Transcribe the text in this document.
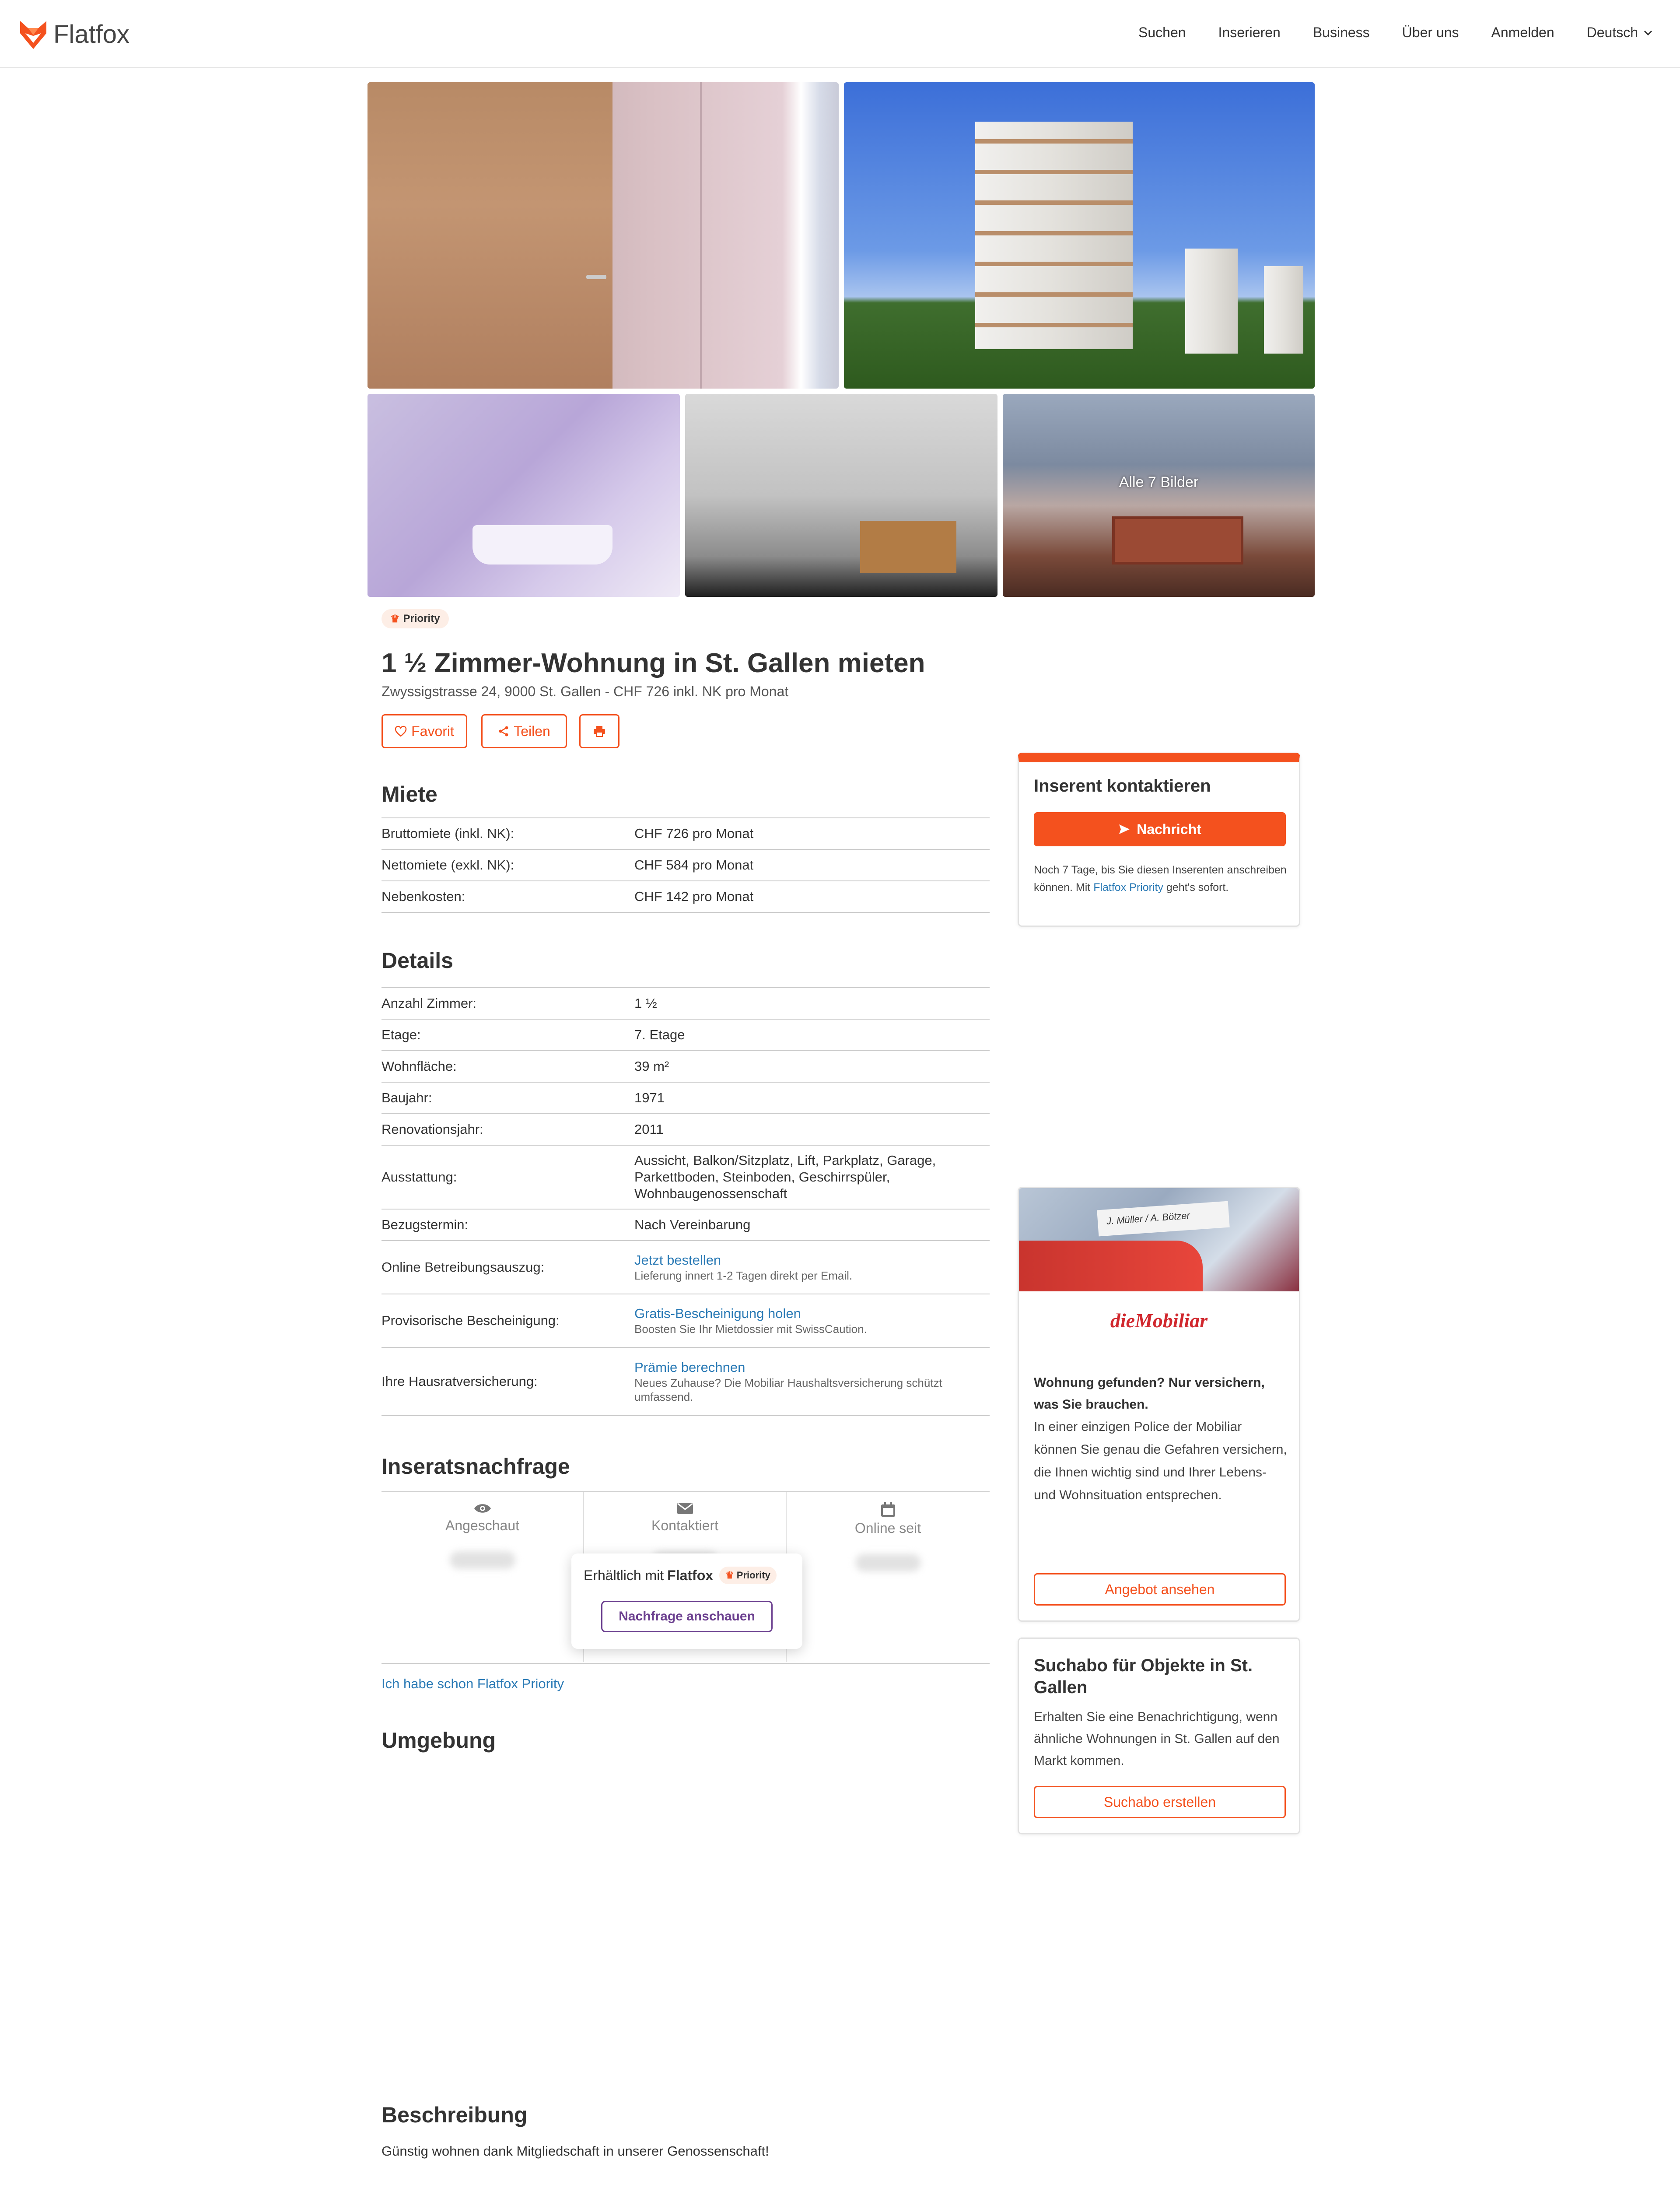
Flatfox	Suchen Inserieren Business Über uns Anmelden Deutsch
Alle 7 Bilder
♛ Priority
1 ½ Zimmer-Wohnung in St. Gallen mieten
Zwyssigstrasse 24, 9000 St. Gallen - CHF 726 inkl. NK pro Monat
Favorit	Teilen
Miete
Bruttomiete (inkl. NK):	CHF 726 pro Monat
Nettomiete (exkl. NK):	CHF 584 pro Monat
Nebenkosten:	CHF 142 pro Monat
Details
Anzahl Zimmer:	1 ½
Etage:	7. Etage
Wohnfläche:	39 m²
Baujahr:	1971
Renovationsjahr:	2011
Ausstattung:
Aussicht, Balkon/Sitzplatz, Lift, Parkplatz, Garage, Parkettboden, Steinboden, Geschirrspüler, Wohnbaugenossenschaft
Bezugstermin:	Nach Vereinbarung
Online Betreibungsauszug:	Jetzt bestellen
Lieferung innert 1-2 Tagen direkt per Email.
Provisorische Bescheinigung:	Gratis-Bescheinigung holen
Boosten Sie Ihr Mietdossier mit SwissCaution.
Ihre Hausratversicherung:
Prämie berechnen
Neues Zuhause? Die Mobiliar Haushaltsversicherung schützt umfassend.
Inseratsnachfrage
Angeschaut	Kontaktiert	Online seit
Erhältlich mit Flatfox ♛ Priority
Nachfrage anschauen
Ich habe schon Flatfox Priority
Umgebung
Beschreibung

Günstig wohnen dank Mitgliedschaft in unserer Genossenschaft!

Inserent kontaktieren
Nachricht
Noch 7 Tage, bis Sie diesen Inserenten anschreiben können. Mit Flatfox Priority geht's sofort.
J. Müller / A. Bötzer
dieMobiliar
Wohnung gefunden? Nur versichern, was Sie brauchen.
In einer einzigen Police der Mobiliar können Sie genau die Gefahren versichern, die Ihnen wichtig sind und Ihrer Lebens- und Wohnsituation entsprechen.
Angebot ansehen
Suchabo für Objekte in St. Gallen
Erhalten Sie eine Benachrichtigung, wenn ähnliche Wohnungen in St. Gallen auf den Markt kommen.
Suchabo erstellen
